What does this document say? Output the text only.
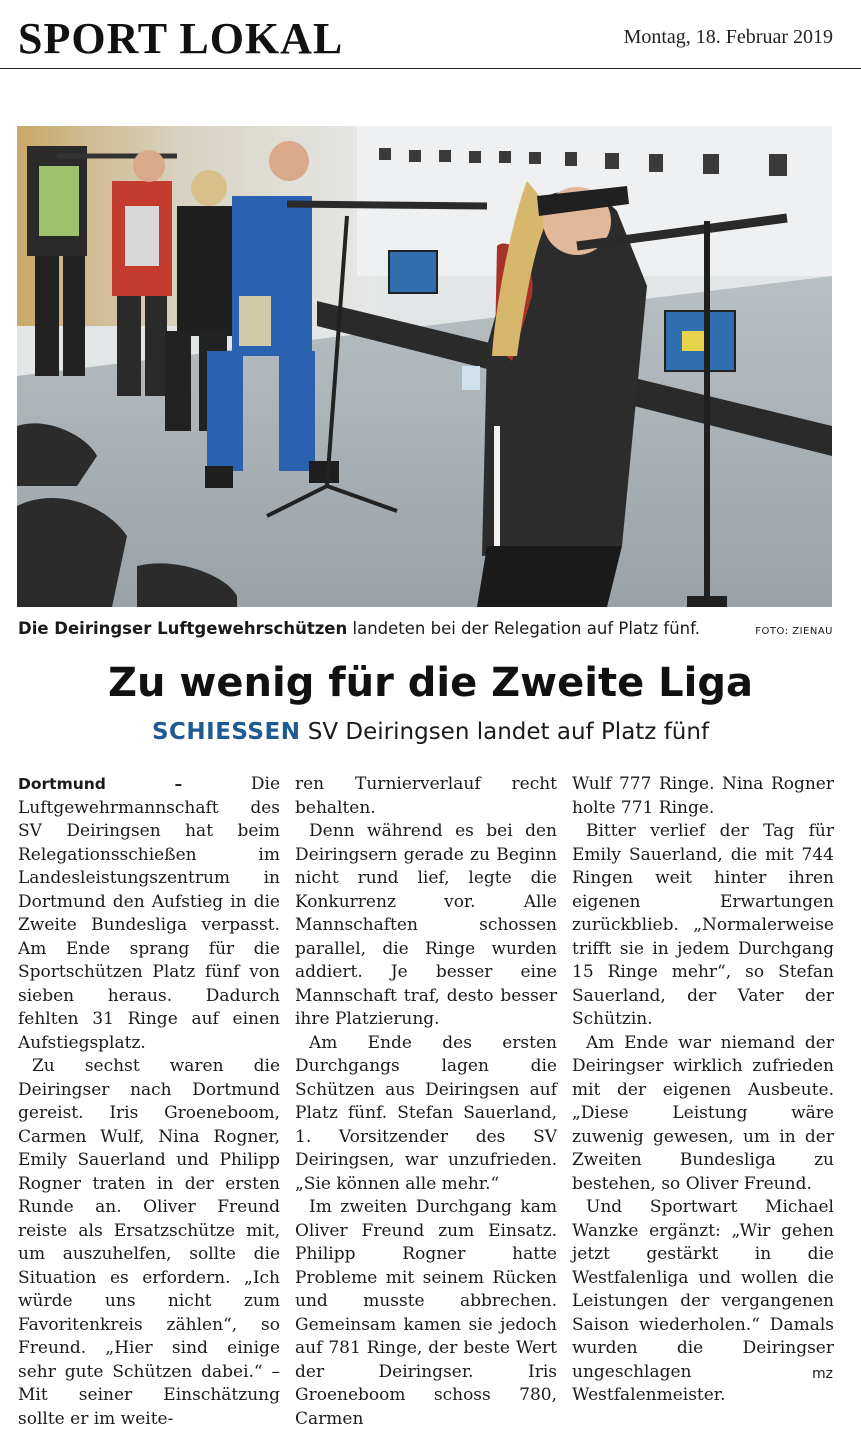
SPORT LOKAL	Montag, 18. Februar 2019
Die Deiringser Luftgewehrschützen landeten bei der Relegation auf Platz fünf.	FOTO: ZIENAU
Zu wenig für die Zweite Liga
SCHIESSEN SV Deiringsen landet auf Platz fünf

Dortmund – Die Luftgewehrmannschaft des SV Deiringsen hat beim Relegationsschießen im Landesleistungszentrum in Dortmund den Aufstieg in die Zweite Bundesliga verpasst. Am Ende sprang für die Sportschützen Platz fünf von sieben heraus. Dadurch fehlten 31 Ringe auf einen Aufstiegsplatz.

Zu sechst waren die Deiringser nach Dortmund gereist. Iris Groeneboom, Carmen Wulf, Nina Rogner, Emily Sauerland und Philipp Rogner traten in der ersten Runde an. Oliver Freund reiste als Ersatzschütze mit, um auszuhelfen, sollte die Situation es erfordern. „Ich würde uns nicht zum Favoritenkreis zählen“, so Freund. „Hier sind einige sehr gute Schützen dabei.“ – Mit seiner Einschätzung sollte er im weite-

ren Turnierverlauf recht behalten.

Denn während es bei den Deiringsern gerade zu Beginn nicht rund lief, legte die Konkurrenz vor. Alle Mannschaften schossen parallel, die Ringe wurden addiert. Je besser eine Mannschaft traf, desto besser ihre Platzierung.

Am Ende des ersten Durchgangs lagen die Schützen aus Deiringsen auf Platz fünf. Stefan Sauerland, 1. Vorsitzender des SV Deiringsen, war unzufrieden. „Sie können alle mehr.“

Im zweiten Durchgang kam Oliver Freund zum Einsatz. Philipp Rogner hatte Probleme mit seinem Rücken und musste abbrechen. Gemeinsam kamen sie jedoch auf 781 Ringe, der beste Wert der Deiringser. Iris Groeneboom schoss 780, Carmen

Wulf 777 Ringe. Nina Rogner holte 771 Ringe.

Bitter verlief der Tag für Emily Sauerland, die mit 744 Ringen weit hinter ihren eigenen Erwartungen zurückblieb. „Normalerweise trifft sie in jedem Durchgang 15 Ringe mehr“, so Stefan Sauerland, der Vater der Schützin.

Am Ende war niemand der Deiringser wirklich zufrieden mit der eigenen Ausbeute. „Diese Leistung wäre zuwenig gewesen, um in der Zweiten Bundesliga zu bestehen, so Oliver Freund.

Und Sportwart Michael Wanzke ergänzt: „Wir gehen jetzt gestärkt in die Westfalenliga und wollen die Leistungen der vergangenen Saison wiederholen.“ Damals wurden die Deiringser ungeschlagen Westfalenmeister.

mz
